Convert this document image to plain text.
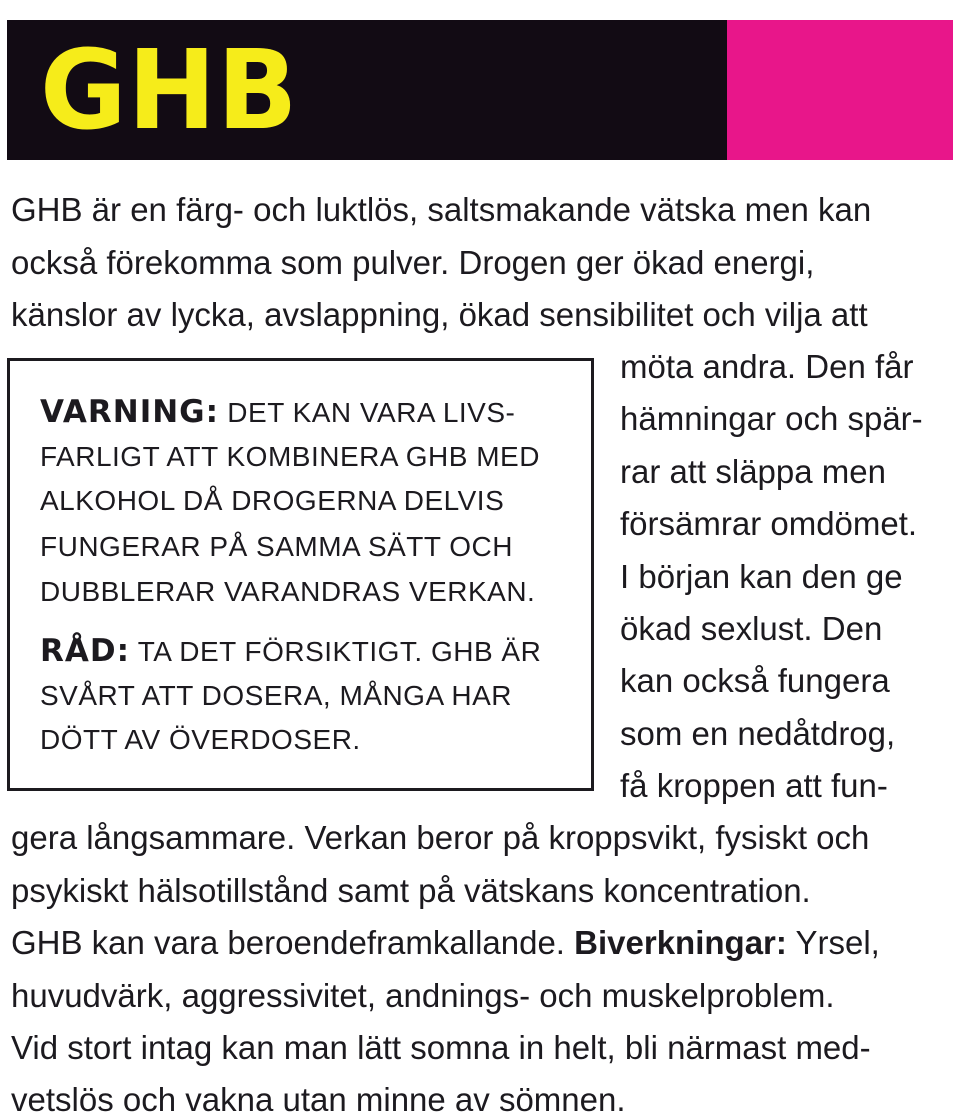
GHB
GHB är en färg- och luktlös, saltsmakande vätska men kan
också förekomma som pulver. Drogen ger ökad energi,
känslor av lycka, avslappning, ökad sensibilitet och vilja att
möta andra. Den får
hämningar och spär-
rar att släppa men
försämrar omdömet.
I början kan den ge
ökad sexlust. Den
kan också fungera
som en nedåtdrog,
få kroppen att fun-
VARNING: DET KAN VARA LIVS-
FARLIGT ATT KOMBINERA GHB MED
ALKOHOL DÅ DROGERNA DELVIS
FUNGERAR PÅ SAMMA SÄTT OCH
DUBBLERAR VARANDRAS VERKAN.
RÅD: TA DET FÖRSIKTIGT. GHB ÄR
SVÅRT ATT DOSERA, MÅNGA HAR
DÖTT AV ÖVERDOSER.
gera långsammare. Verkan beror på kroppsvikt, fysiskt och
psykiskt hälsotillstånd samt på vätskans koncentration.
GHB kan vara beroendeframkallande. Biverkningar: Yrsel,
huvudvärk, aggressivitet, andnings- och muskelproblem.
Vid stort intag kan man lätt somna in helt, bli närmast med-
vetslös och vakna utan minne av sömnen.
